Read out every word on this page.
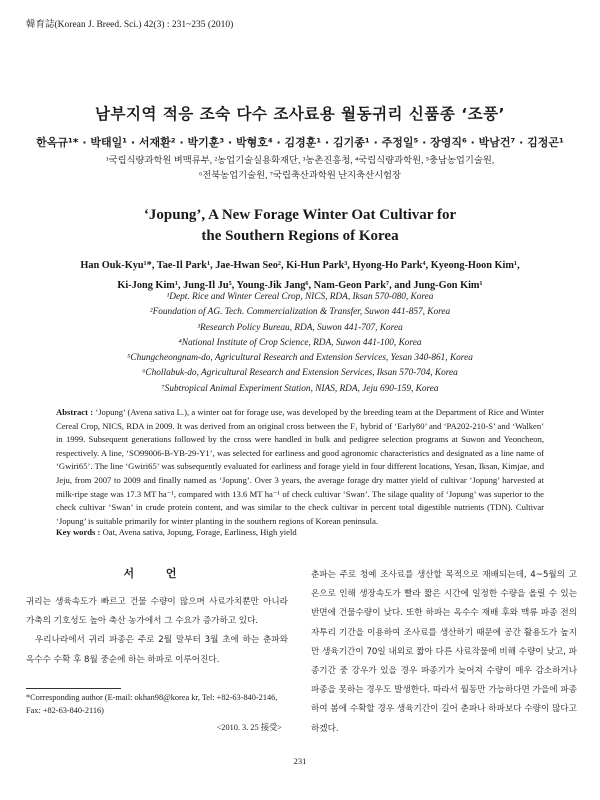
韓育誌(Korean J. Breed. Sci.) 42(3) : 231~235 (2010)
남부지역 적응 조숙 다수 조사료용 월동귀리 신품종 ‘조풍’
한옥규¹* · 박태일¹ · 서재환² · 박기훈³ · 박형호⁴ · 김경훈¹ · 김기종¹ · 주정일⁵ · 장영직⁶ · 박남건⁷ · 김정곤¹
¹국립식량과학원 벼맥류부, ²농업기술실용화재단, ³농촌진흥청, ⁴국립식량과학원, ⁵충남농업기술원,
⁶전북농업기술원, ⁷국립축산과학원 난지축산시험장
‘Jopung’, A New Forage Winter Oat Cultivar for
the Southern Regions of Korea
Han Ouk-Kyu¹*, Tae-Il Park¹, Jae-Hwan Seo², Ki-Hun Park³, Hyong-Ho Park⁴, Kyeong-Hoon Kim¹,
Ki-Jong Kim¹, Jung-Il Ju⁵, Young-Jik Jang⁶, Nam-Geon Park⁷, and Jung-Gon Kim¹
¹Dept. Rice and Winter Cereal Crop, NICS, RDA, Iksan 570-080, Korea
²Foundation of AG. Tech. Commercialization & Transfer, Suwon 441-857, Korea
³Research Policy Bureau, RDA, Suwon 441-707, Korea
⁴National Institute of Crop Science, RDA, Suwon 441-100, Korea
⁵Chungcheongnam-do, Agricultural Research and Extension Services, Yesan 340-861, Korea
⁶Chollabuk-do, Agricultural Research and Extension Services, Iksan 570-704, Korea
⁷Subtropical Animal Experiment Station, NIAS, RDA, Jeju 690-159, Korea
Abstract : ‘Jopung’ (Avena sativa L.), a winter oat for forage use, was developed by the breeding team at the Department of Rice and Winter Cereal Crop, NICS, RDA in 2009. It was derived from an original cross between the F₁ hybrid of ‘Early80’ and ‘PA202-210-S’ and ‘Walken’ in 1999. Subsequent generations followed by the cross were handled in bulk and pedigree selection programs at Suwon and Yeoncheon, respectively. A line, ‘SO99006-B-YB-29-Y1’, was selected for earliness and good agronomic characteristics and designated as a line name of ‘Gwiri65’. The line ‘Gwiri65’ was subsequently evaluated for earliness and forage yield in four different locations, Yesan, Iksan, Kimjae, and Jeju, from 2007 to 2009 and finally named as ‘Jopung’. Over 3 years, the average forage dry matter yield of cultivar ‘Jopung’ harvested at milk-ripe stage was 17.3 MT ha⁻¹, compared with 13.6 MT ha⁻¹ of check cultivar ‘Swan’. The silage quality of ‘Jopung’ was superior to the check cultivar ‘Swan’ in crude protein content, and was similar to the check cultivar in percent total digestible nutrients (TDN). Cultivar ‘Jopung’ is suitable primarily for winter planting in the southern regions of Korean peninsula.
Key words : Oat, Avena sativa, Jopung, Forage, Earliness, High yield
서 언

귀리는 생육속도가 빠르고 건물 수량이 많으며 사료가치뿐만 아니라 가축의 기호성도 높아 축산 농가에서 그 수요가 증가하고 있다.

우리나라에서 귀리 파종은 주로 2월 말부터 3월 초에 하는 춘파와 옥수수 수확 후 8월 중순에 하는 하파로 이루어진다.

춘파는 주로 청예 조사료를 생산할 목적으로 재배되는데, 4~5월의 고온으로 인해 생장속도가 빨라 짧은 시간에 일정한 수량을 올릴 수 있는 반면에 건물수량이 낮다. 또한 하파는 옥수수 재배 후와 맥류 파종 전의 자투리 기간을 이용하여 조사료를 생산하기 때문에 공간 활용도가 높지만 생육기간이 70일 내외로 짧아 다른 사료작물에 비해 수량이 낮고, 파종기간 중 강우가 있을 경우 파종기가 늦어져 수량이 매우 감소하거나 파종을 못하는 경우도 발생한다. 따라서 월동만 가능하다면 가을에 파종하여 봄에 수확할 경우 생육기간이 길어 춘파나 하파보다 수량이 많다고 하겠다.

*Corresponding author (E-mail: okhan98@korea kr, Tel: +82-63-840-2146, Fax: +82-63-840-2116)
<2010. 3. 25 接受>
231
